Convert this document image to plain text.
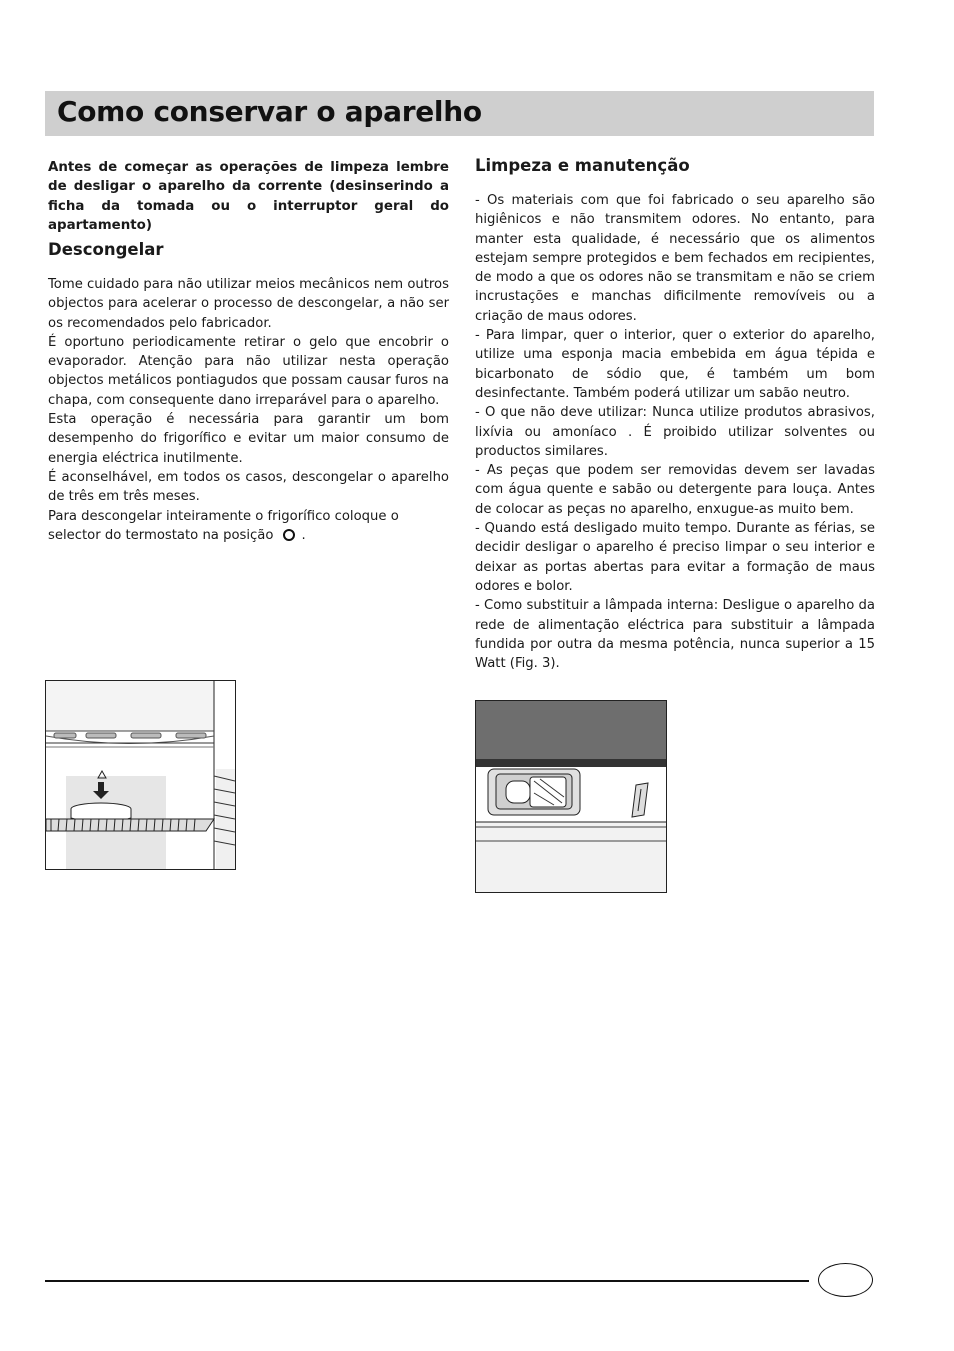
Como conservar o aparelho

Antes de começar as operações de limpeza lembre de desligar o aparelho da corrente (desinserindo a ficha da tomada ou o interruptor geral do apartamento)

Descongelar

Tome cuidado para não utilizar meios mecânicos nem outros objectos para acelerar o processo de descongelar, a não ser os recomendados pelo fabricador.

É oportuno periodicamente retirar o gelo que encobrir o evaporador. Atenção para não utilizar nesta operação objectos metálicos pontiagudos que possam causar furos na chapa, com consequente dano irreparável para o aparelho.

Esta operação é necessária para garantir um bom desempenho do frigorífico e evitar um maior consumo de energia eléctrica inutilmente.

É aconselhável, em todos os casos, descongelar o aparelho de três em três meses.

Para descongelar inteiramente o frigorífico coloque o selector do termostato na posição .

Limpeza e manutenção

- Os materiais com que foi fabricado o seu aparelho são higiênicos e não transmitem odores. No entanto, para manter esta qualidade, é necessário que os alimentos estejam sempre protegidos e bem fechados em recipientes, de modo a que os odores não se transmitam e não se criem incrustações e manchas dificilmente removíveis ou a criação de maus odores.

- Para limpar, quer o interior, quer o exterior do aparelho, utilize uma esponja macia embebida em água tépida e bicarbonato de sódio que, é também um bom desinfectante. Também poderá utilizar um sabão neutro.

- O que não deve utilizar: Nunca utilize produtos abrasivos, lixívia ou amoníaco . É proibido utilizar solventes ou productos similares.

- As peças que podem ser removidas devem ser lavadas com água quente e sabão ou detergente para louça. Antes de colocar as peças no aparelho, enxugue-as muito bem.

- Quando está desligado muito tempo. Durante as férias, se decidir desligar o aparelho é preciso limpar o seu interior e deixar as portas abertas para evitar a formação de maus odores e bolor.

- Como substituir a lâmpada interna: Desligue o aparelho da rede de alimentação eléctrica para substituir a lâmpada fundida por outra da mesma potência, nunca superior a 15 Watt (Fig. 3).
